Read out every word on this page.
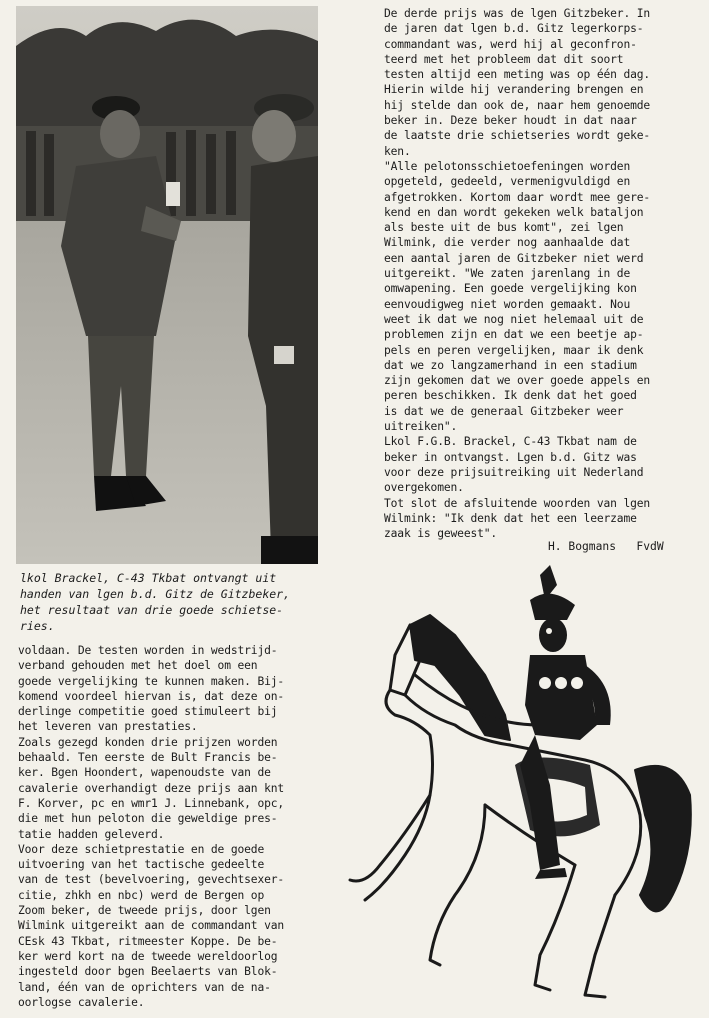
lkol Brackel, C-43 Tkbat ontvangt uit
handen van lgen b.d. Gitz de Gitzbeker,
het resultaat van drie goede schietse-
ries.

De derde prijs was de lgen Gitzbeker. In
de jaren dat lgen b.d. Gitz legerkorps-
commandant was, werd hij al geconfron-
teerd met het probleem dat dit soort
testen altijd een meting was op één dag.
Hierin wilde hij verandering brengen en
hij stelde dan ook de, naar hem genoemde
beker in. Deze beker houdt in dat naar
de laatste drie schietseries wordt geke-
ken.
"Alle pelotonsschietoefeningen worden
opgeteld, gedeeld, vermenigvuldigd en
afgetrokken. Kortom daar wordt mee gere-
kend en dan wordt gekeken welk bataljon
als beste uit de bus komt", zei lgen
Wilmink, die verder nog aanhaalde dat
een aantal jaren de Gitzbeker niet werd
uitgereikt. "We zaten jarenlang in de
omwapening. Een goede vergelijking kon
eenvoudigweg niet worden gemaakt. Nou
weet ik dat we nog niet helemaal uit de
problemen zijn en dat we een beetje ap-
pels en peren vergelijken, maar ik denk
dat we zo langzamerhand in een stadium
zijn gekomen dat we over goede appels en
peren beschikken. Ik denk dat het goed
is dat we de generaal Gitzbeker weer
uitreiken".
Lkol F.G.B. Brackel, C-43 Tkbat nam de
beker in ontvangst. Lgen b.d. Gitz was
voor deze prijsuitreiking uit Nederland
overgekomen.
Tot slot de afsluitende woorden van lgen
Wilmink: "Ik denk dat het een leerzame
zaak is geweest".

H. Bogmans   FvdW

voldaan. De testen worden in wedstrijd-
verband gehouden met het doel om een
goede vergelijking te kunnen maken. Bij-
komend voordeel hiervan is, dat deze on-
derlinge competitie goed stimuleert bij
het leveren van prestaties.
Zoals gezegd konden drie prijzen worden
behaald. Ten eerste de Bult Francis be-
ker. Bgen Hoondert, wapenoudste van de
cavalerie overhandigt deze prijs aan knt
F. Korver, pc en wmr1 J. Linnebank, opc,
die met hun peloton die geweldige pres-
tatie hadden geleverd.
Voor deze schietprestatie en de goede
uitvoering van het tactische gedeelte
van de test (bevelvoering, gevechtsexer-
citie, zhkh en nbc) werd de Bergen op
Zoom beker, de tweede prijs, door lgen
Wilmink uitgereikt aan de commandant van
CEsk 43 Tkbat, ritmeester Koppe. De be-
ker werd kort na de tweede wereldoorlog
ingesteld door bgen Beelaerts van Blok-
land, één van de oprichters van de na-
oorlogse cavalerie.
